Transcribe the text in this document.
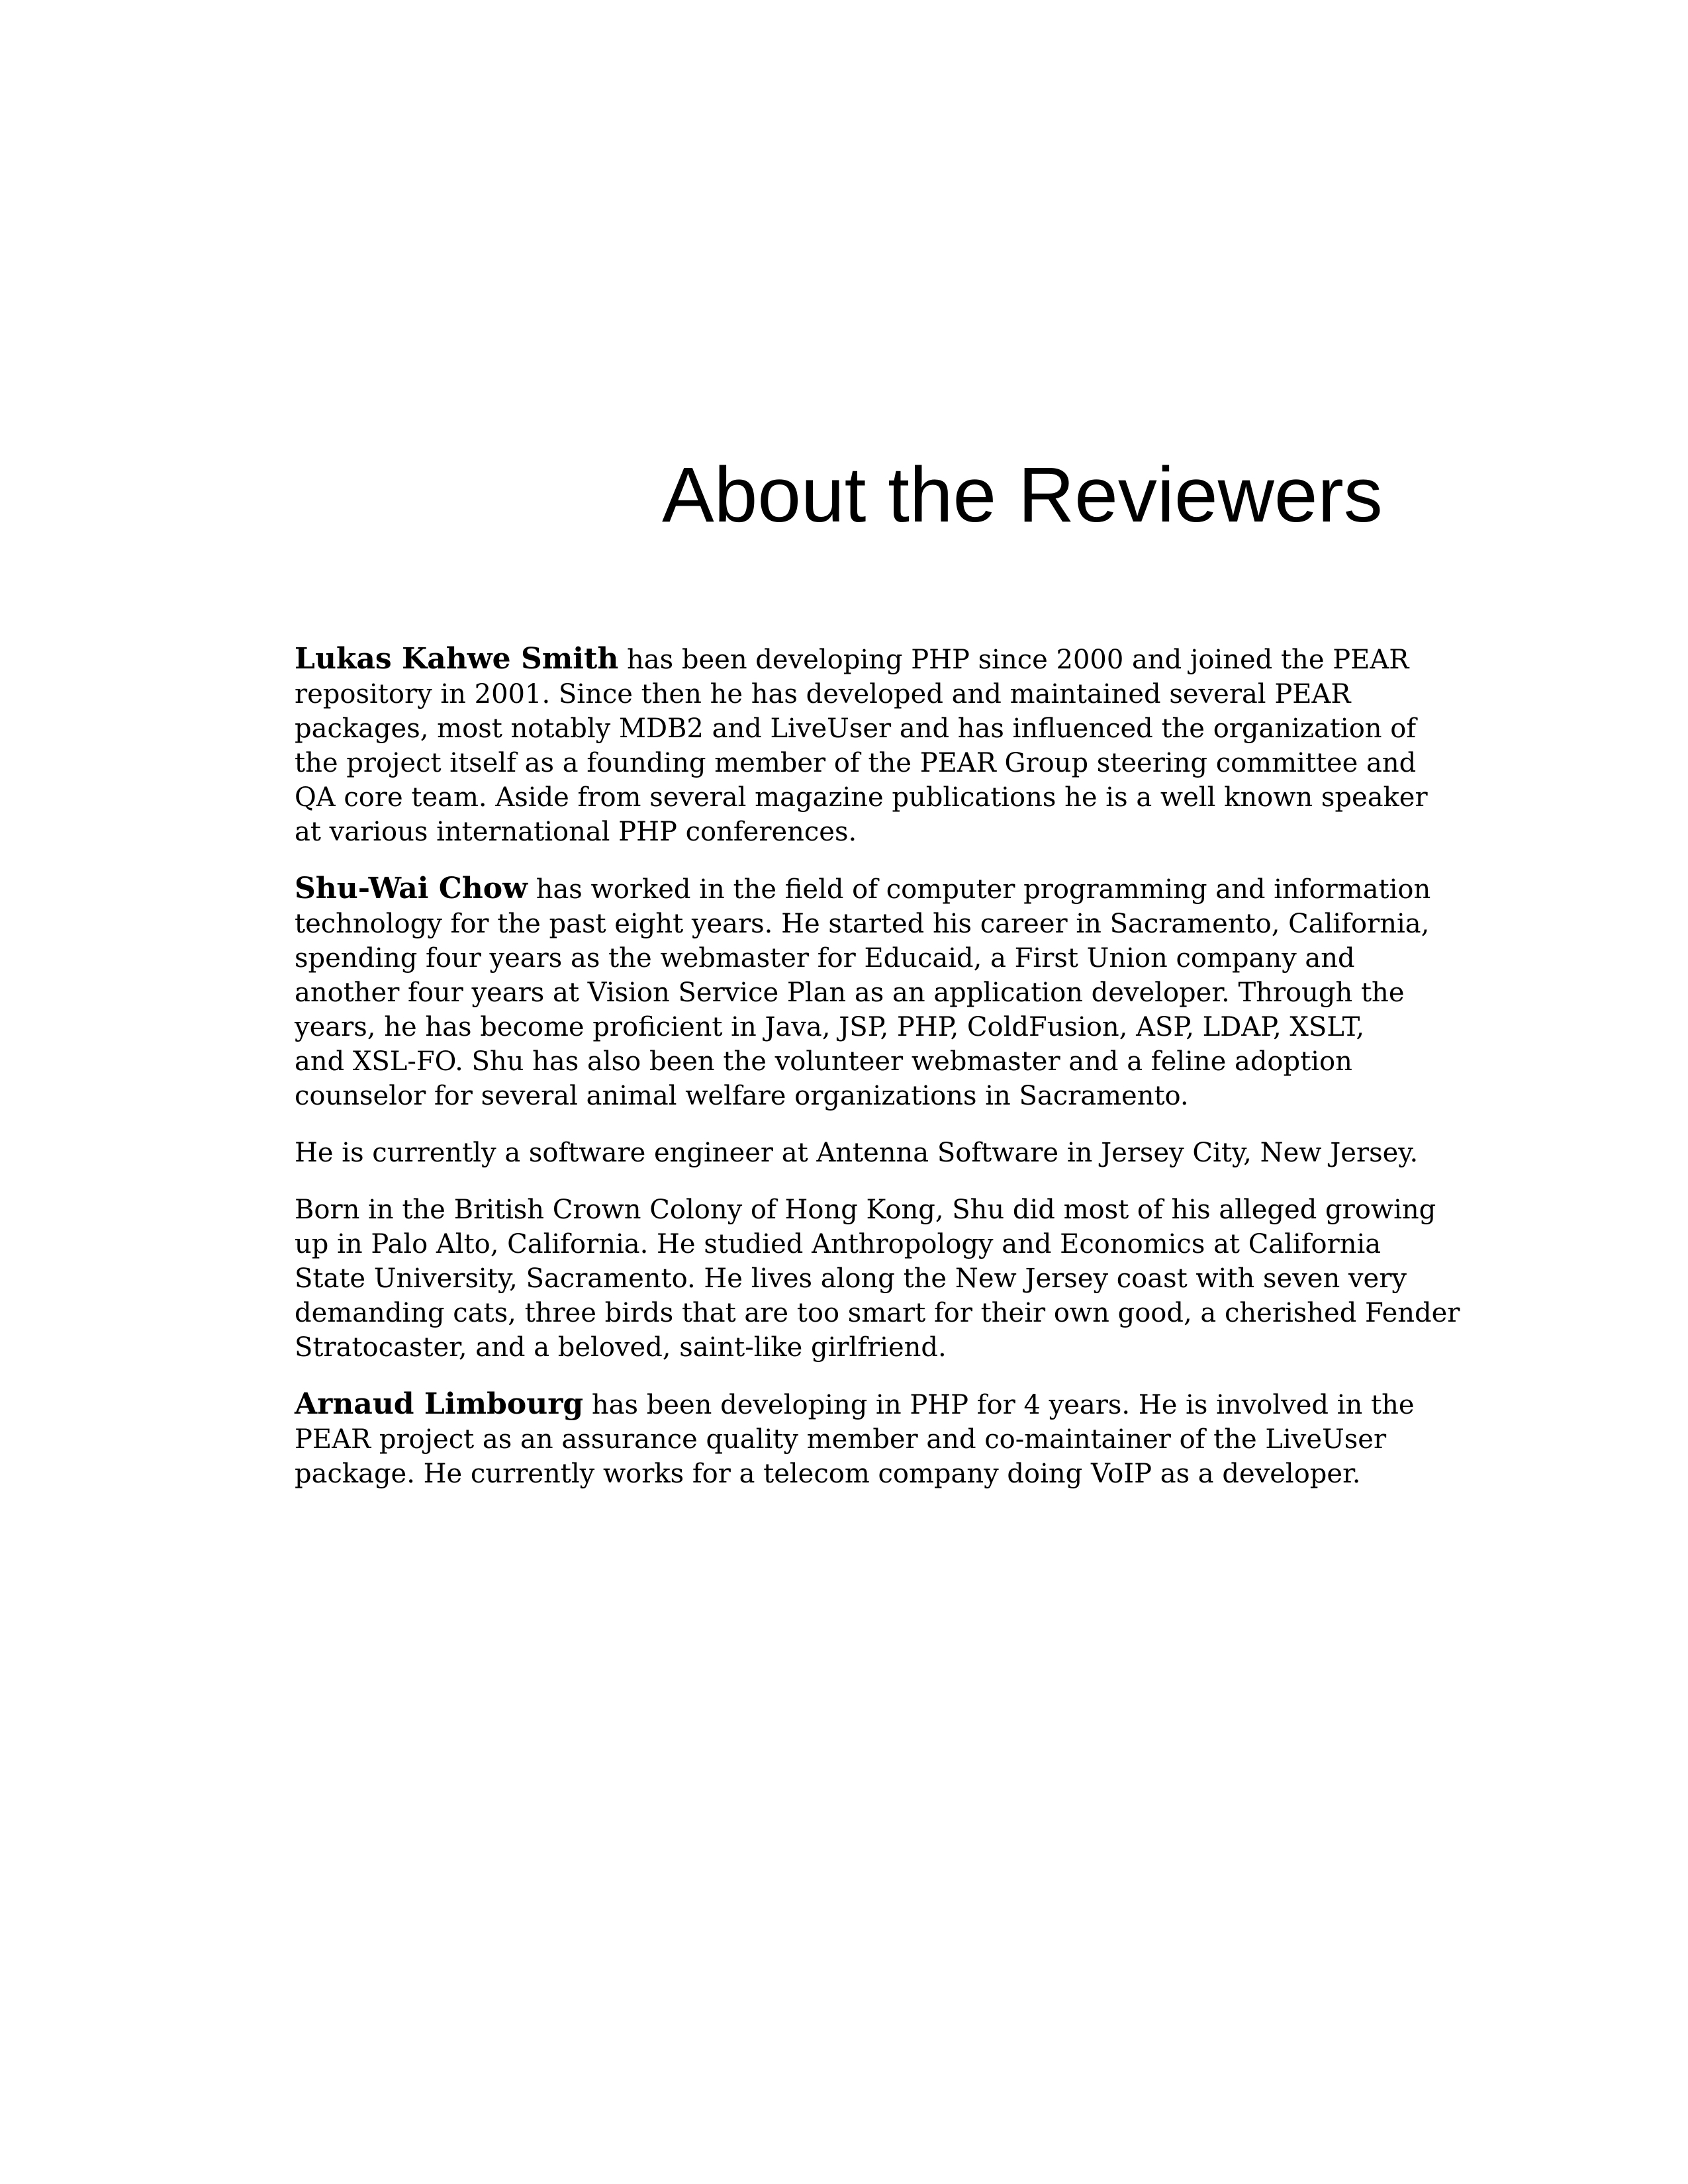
About the Reviewers

Lukas Kahwe Smith has been developing PHP since 2000 and joined the PEAR
repository in 2001. Since then he has developed and maintained several PEAR
packages, most notably MDB2 and LiveUser and has influenced the organization of
the project itself as a founding member of the PEAR Group steering committee and
QA core team. Aside from several magazine publications he is a well known speaker
at various international PHP conferences.

Shu-Wai Chow has worked in the field of computer programming and information
technology for the past eight years. He started his career in Sacramento, California,
spending four years as the webmaster for Educaid, a First Union company and
another four years at Vision Service Plan as an application developer. Through the
years, he has become proficient in Java, JSP, PHP, ColdFusion, ASP, LDAP, XSLT,
and XSL-FO. Shu has also been the volunteer webmaster and a feline adoption
counselor for several animal welfare organizations in Sacramento.

He is currently a software engineer at Antenna Software in Jersey City, New Jersey.

Born in the British Crown Colony of Hong Kong, Shu did most of his alleged growing
up in Palo Alto, California. He studied Anthropology and Economics at California
State University, Sacramento. He lives along the New Jersey coast with seven very
demanding cats, three birds that are too smart for their own good, a cherished Fender
Stratocaster, and a beloved, saint-like girlfriend.

Arnaud Limbourg has been developing in PHP for 4 years. He is involved in the
PEAR project as an assurance quality member and co-maintainer of the LiveUser
package. He currently works for a telecom company doing VoIP as a developer.
